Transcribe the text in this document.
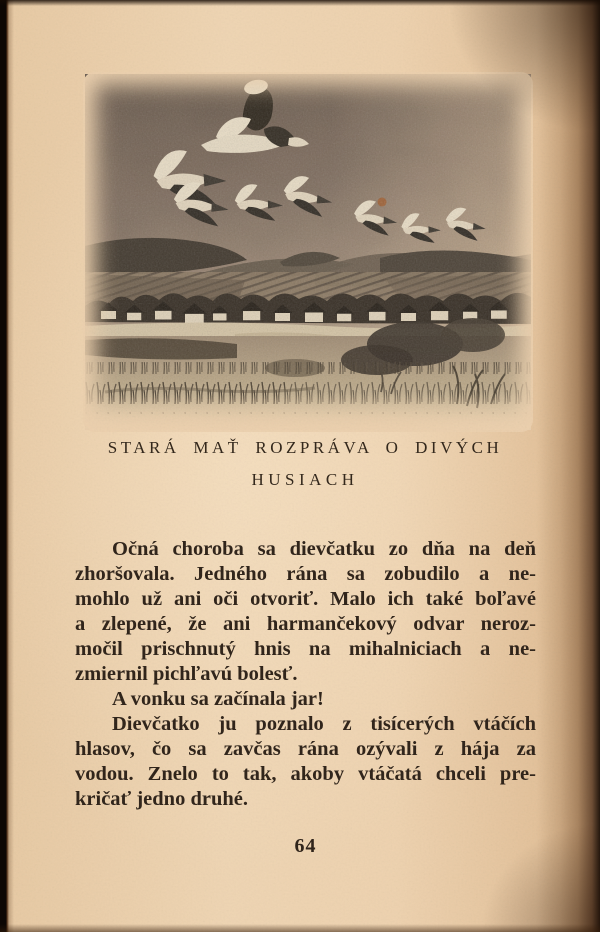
STARÁ MAŤ ROZPRÁVA O DIVÝCH
HUSIACH
Očná choroba sa dievčatku zo dňa na deň
zhoršovala. Jedného rána sa zobudilo a ne-
mohlo už ani oči otvoriť. Malo ich také boľavé
a zlepené, že ani harmančekový odvar neroz-
močil prischnutý hnis na mihalniciach a ne-
zmiernil pichľavú bolesť.
A vonku sa začínala jar!
Dievčatko ju poznalo z tisícerých vtáčích
hlasov, čo sa zavčas rána ozývali z hája za
vodou. Znelo to tak, akoby vtáčatá chceli pre-
kričať jedno druhé.
64
